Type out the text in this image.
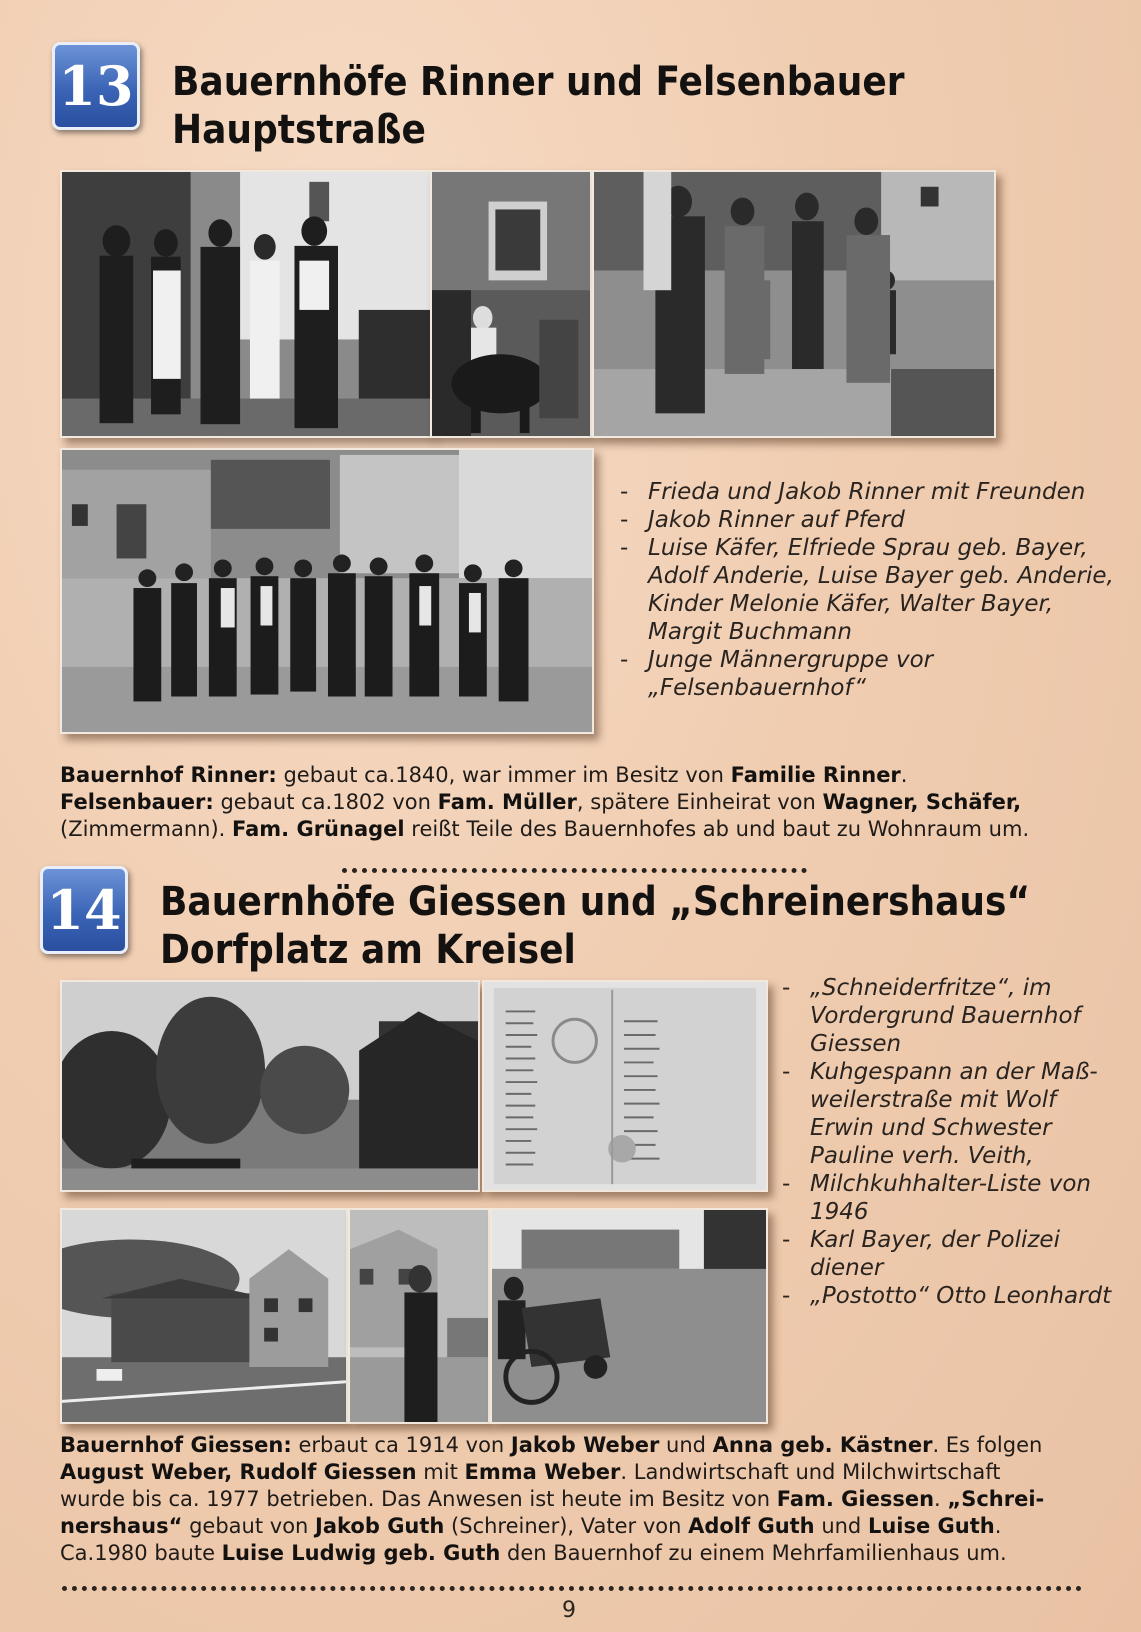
13 Bauernhöfe Rinner und Felsenbauer
Hauptstraße
- Frieda und Jakob Rinner mit Freunden
- Jakob Rinner auf Pferd
- Luise Käfer, Elfriede Sprau geb. Bayer, Adolf Anderie, Luise Bayer geb. Anderie, Kinder Melonie Käfer, Walter Bayer, Margit Buchmann
- Junge Männergruppe vor „Felsenbauernhof“

Bauernhof Rinner: gebaut ca.1840, war immer im Besitz von Familie Rinner.
Felsenbauer: gebaut ca.1802 von Fam. Müller, spätere Einheirat von Wagner, Schäfer,
(Zimmermann). Fam. Grünagel reißt Teile des Bauernhofes ab und baut zu Wohnraum um.

14 Bauernhöfe Giessen und „Schreinershaus“
Dorfplatz am Kreisel
- „Schneiderfritze“, im Vordergrund Bauernhof Giessen
- Kuhgespann an der Maß-weilerstraße mit Wolf Erwin und Schwester Pauline verh. Veith,
- Milchkuhhalter-Liste von 1946
- Karl Bayer, der Polizei diener
- „Postotto“ Otto Leonhardt

Bauernhof Giessen: erbaut ca 1914 von Jakob Weber und Anna geb. Kästner. Es folgen
August Weber, Rudolf Giessen mit Emma Weber. Landwirtschaft und Milchwirtschaft
wurde bis ca. 1977 betrieben. Das Anwesen ist heute im Besitz von Fam. Giessen. „Schrei-
nershaus“ gebaut von Jakob Guth (Schreiner), Vater von Adolf Guth und Luise Guth.
Ca.1980 baute Luise Ludwig geb. Guth den Bauernhof zu einem Mehrfamilienhaus um.

9
